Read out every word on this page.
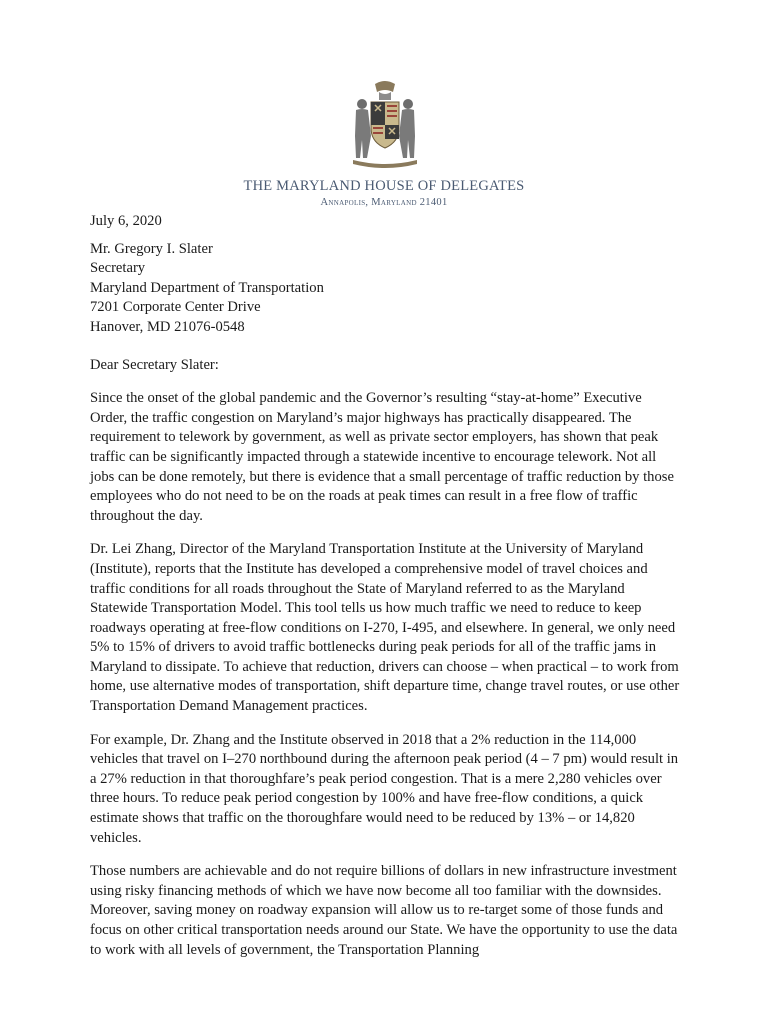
THE MARYLAND HOUSE OF DELEGATES
Annapolis, Maryland 21401
July 6, 2020
Mr. Gregory I. Slater
Secretary
Maryland Department of Transportation
7201 Corporate Center Drive
Hanover, MD 21076-0548
Dear Secretary Slater:

Since the onset of the global pandemic and the Governor’s resulting “stay-at-home” Executive Order, the traffic congestion on Maryland’s major highways has practically disappeared. The requirement to telework by government, as well as private sector employers, has shown that peak traffic can be significantly impacted through a statewide incentive to encourage telework. Not all jobs can be done remotely, but there is evidence that a small percentage of traffic reduction by those employees who do not need to be on the roads at peak times can result in a free flow of traffic throughout the day.

Dr. Lei Zhang, Director of the Maryland Transportation Institute at the University of Maryland (Institute), reports that the Institute has developed a comprehensive model of travel choices and traffic conditions for all roads throughout the State of Maryland referred to as the Maryland Statewide Transportation Model. This tool tells us how much traffic we need to reduce to keep roadways operating at free-flow conditions on I-270, I-495, and elsewhere. In general, we only need 5% to 15% of drivers to avoid traffic bottlenecks during peak periods for all of the traffic jams in Maryland to dissipate. To achieve that reduction, drivers can choose – when practical – to work from home, use alternative modes of transportation, shift departure time, change travel routes, or use other Transportation Demand Management practices.

For example, Dr. Zhang and the Institute observed in 2018 that a 2% reduction in the 114,000 vehicles that travel on I–270 northbound during the afternoon peak period (4 – 7 pm) would result in a 27% reduction in that thoroughfare’s peak period congestion. That is a mere 2,280 vehicles over three hours. To reduce peak period congestion by 100% and have free-flow conditions, a quick estimate shows that traffic on the thoroughfare would need to be reduced by 13% – or 14,820 vehicles.

Those numbers are achievable and do not require billions of dollars in new infrastructure investment using risky financing methods of which we have now become all too familiar with the downsides. Moreover, saving money on roadway expansion will allow us to re-target some of those funds and focus on other critical transportation needs around our State. We have the opportunity to use the data to work with all levels of government, the Transportation Planning
